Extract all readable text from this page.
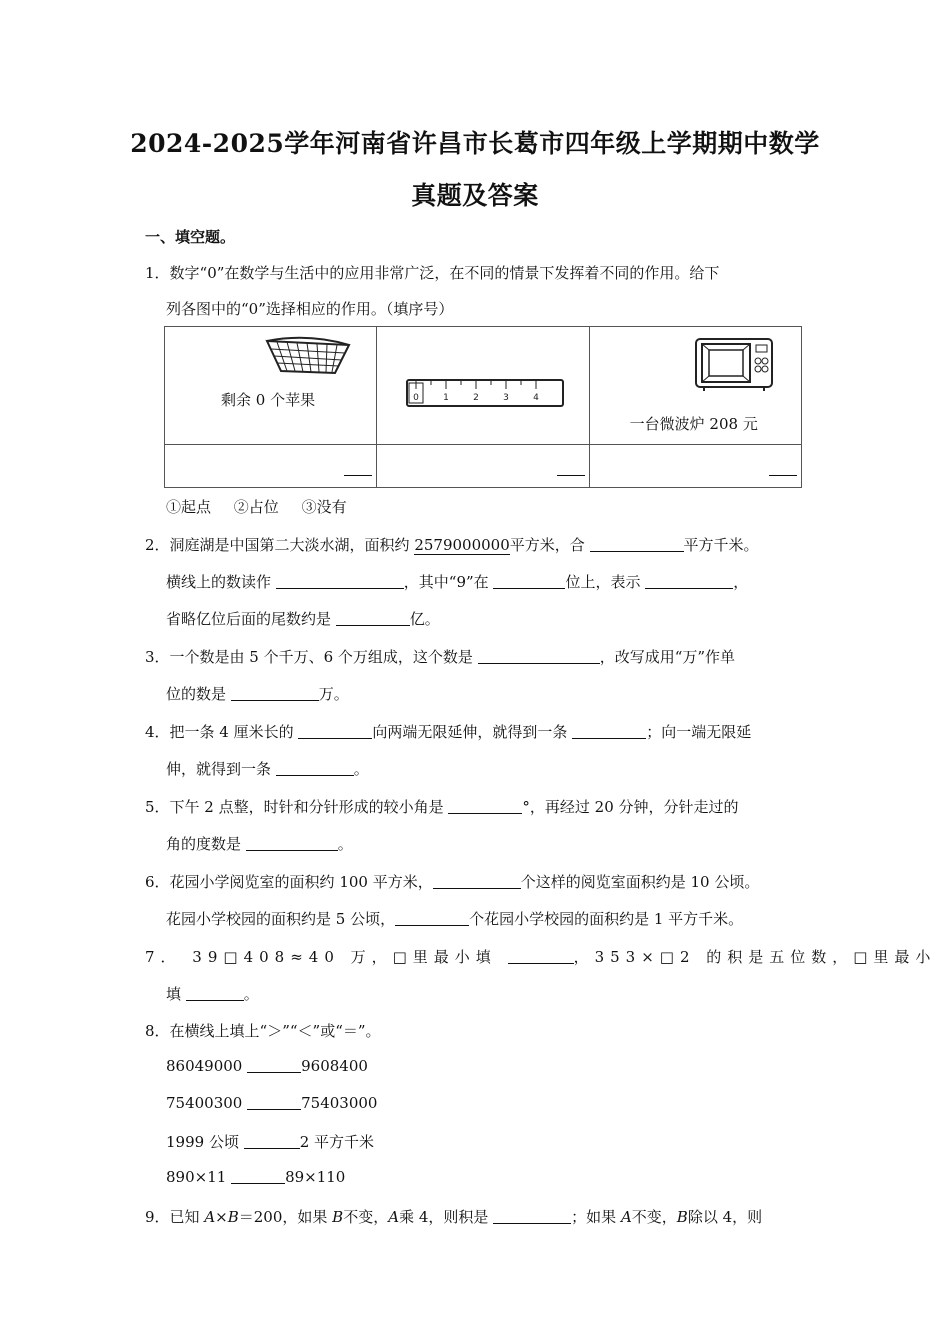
2024-2025学年河南省许昌市长葛市四年级上学期期中数学
真题及答案
一、填空题。
1．数字“0”在数学与生活中的应用非常广泛，在不同的情景下发挥着不同的作用。给下
列各图中的“0”选择相应的作用。（填序号）
剩余 0 个苹果	0 1 2 3 4	一台微波炉 208 元

①起点 ②占位 ③没有
2．洞庭湖是中国第二大淡水湖，面积约 2579000000平方米，合	平方千米。
横线上的数读作	，其中“9”在	位上，表示	，
省略亿位后面的尾数约是	亿。
3．一个数是由 5 个千万、6 个万组成，这个数是	，改写成用“万”作单
位的数是	万。
4．把一条 4 厘米长的	向两端无限延伸，就得到一条	；向一端无限延
伸，就得到一条	。
5．下午 2 点整，时针和分针形成的较小角是	°，再经过 20 分钟，分针走过的
角的度数是	。
6．花园小学阅览室的面积约 100 平方米，	个这样的阅览室面积约是 10 公顷。
花园小学校园的面积约是 5 公顷，	个花园小学校园的面积约是 1 平方千米。
7． 39□408≈40 万，□里最小填	，353×□2 的积是五位数，□里最小
填	。
8．在横线上填上“＞”“＜”或“＝”。
86049000	9608400
75400300	75403000
1999 公顷	2 平方千米
890×11	89×110
9．已知 A×B＝200，如果 B不变，A乘 4，则积是	；如果 A不变，B除以 4，则
